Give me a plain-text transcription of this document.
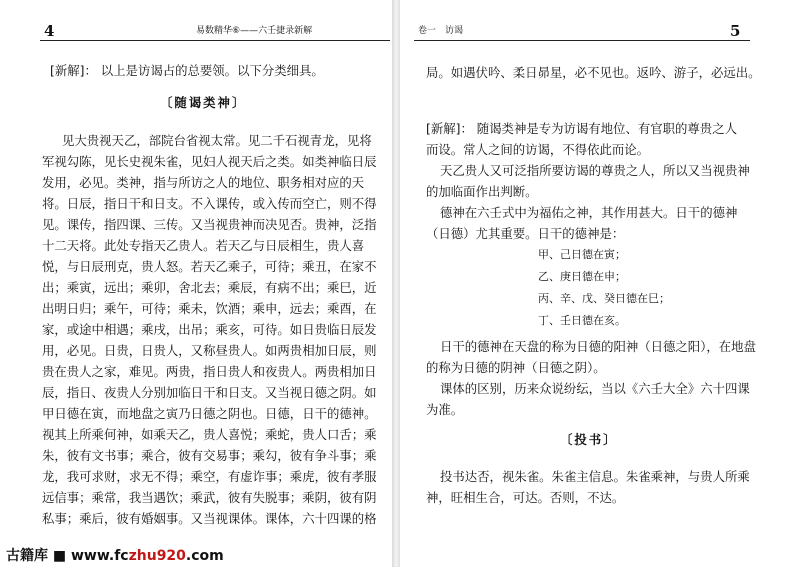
4	易数精华⑥——六壬捷录新解
[新解]： 以上是访谒占的总要领。以下分类细具。
〔随谒类神〕
见大贵视天乙，部院台省视太常。见二千石视青龙，见将
军视勾陈，见长史视朱雀，见妇人视天后之类。如类神临日辰
发用，必见。类神，指与所访之人的地位、职务相对应的天
将。日辰，指日干和日支。不入课传，或入传而空亡，则不得
见。课传，指四课、三传。又当视贵神而决见否。贵神，泛指
十二天将。此处专指天乙贵人。若天乙与日辰相生，贵人喜
悦，与日辰刑克，贵人怒。若天乙乘子，可待；乘丑，在家不
出；乘寅，远出；乘卯，舍北去；乘辰，有病不出；乘巳，近
出明日归；乘午，可待；乘未，饮酒；乘申，远去；乘酉，在
家，或途中相遇；乘戌，出吊；乘亥，可待。如日贵临日辰发
用，必见。日贵，日贵人，又称昼贵人。如两贵相加日辰，则
贵在贵人之家，难见。两贵，指日贵人和夜贵人。两贵相加日
辰，指日、夜贵人分别加临日干和日支。又当视日德之阴。如
甲日德在寅，而地盘之寅乃日德之阴也。日德，日干的德神。
视其上所乘何神，如乘天乙，贵人喜悦；乘蛇，贵人口舌；乘
朱，彼有文书事；乘合，彼有交易事；乘勾，彼有争斗事；乘
龙，我可求财，求无不得；乘空，有虚诈事；乘虎，彼有孝服
远信事；乘常，我当遇饮；乘武，彼有失脱事；乘阴，彼有阴
私事；乘后，彼有婚姻事。又当视课体。课体，六十四课的格
卷一　访谒	5
局。如遇伏吟、柔日昴星，必不见也。返吟、游子，必远出。
[新解]： 随谒类神是专为访谒有地位、有官职的尊贵之人
而设。常人之间的访谒，不得依此而论。
天乙贵人又可泛指所要访谒的尊贵之人，所以又当视贵神
的加临面作出判断。
德神在六壬式中为福佑之神，其作用甚大。日干的德神
（日德）尤其重要。日干的德神是：
甲、己日德在寅；
乙、庚日德在申；
丙、辛、戊、癸日德在巳；
丁、壬日德在亥。
日干的德神在天盘的称为日德的阳神（日德之阳），在地盘
的称为日德的阴神（日德之阴）。
课体的区别，历来众说纷纭，当以《六壬大全》六十四课
为准。
〔投书〕
投书达否，视朱雀。朱雀主信息。朱雀乘神，与贵人所乘
神，旺相生合，可达。否则，不达。
古籍库 ■ www.fczhu920.com
